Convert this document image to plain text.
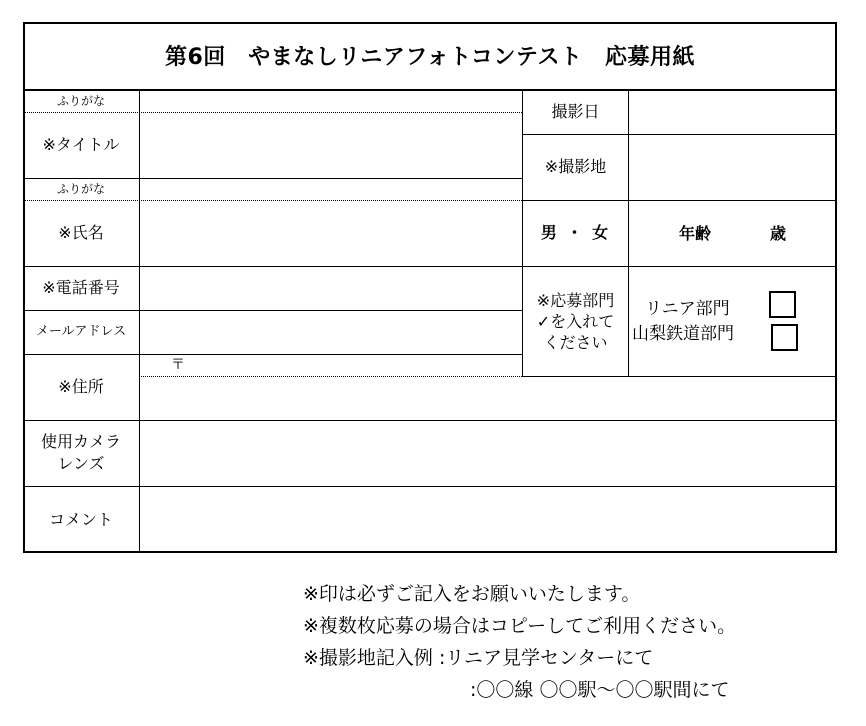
第6回　やまなしリニアフォトコンテスト　応募用紙
ふりがな
※タイトル
ふりがな
※氏名
※電話番号
メールアドレス
※住所
使用カメラ
レンズ
コメント
〒
撮影日
※撮影地
男 ・ 女
※応募部門
✓を入れて
ください
年齢	歳
リニア部門
山梨鉄道部門
※印は必ずご記入をお願いいたします。
※複数枚応募の場合はコピーしてご利用ください。
※撮影地記入例 :リニア見学センターにて
:〇〇線 〇〇駅～〇〇駅間にて
